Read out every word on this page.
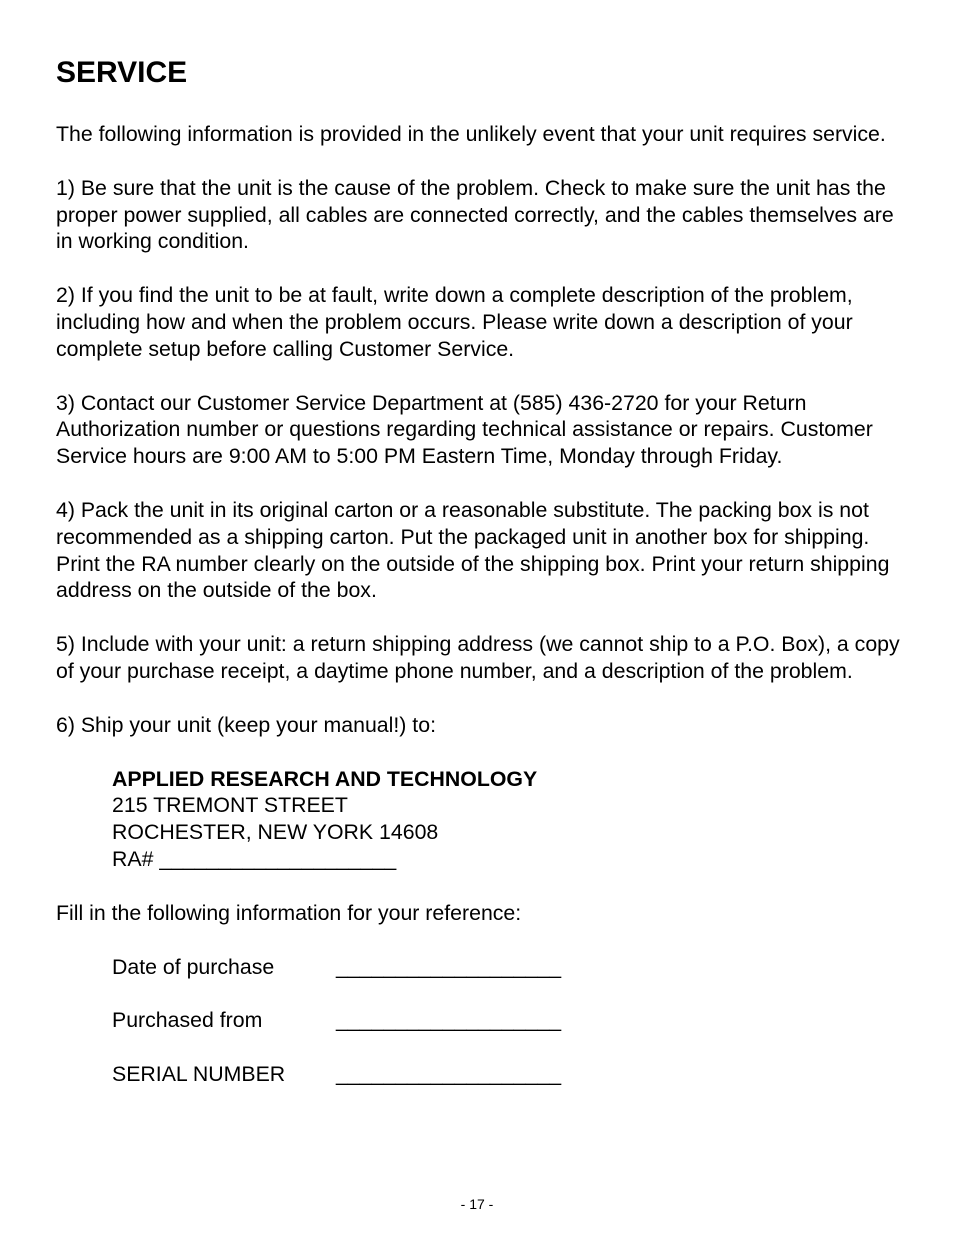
SERVICE

The following information is provided in the unlikely event that your unit requires service.

1) Be sure that the unit is the cause of the problem. Check to make sure the unit has the proper power supplied, all cables are connected correctly, and the cables themselves are in working condition.

2) If you find the unit to be at fault, write down a complete description of the problem, including how and when the problem occurs. Please write down a description of your complete setup before calling Customer Service.

3) Contact our Customer Service Department at (585) 436-2720 for your Return Authorization number or questions regarding technical assistance or repairs. Customer Service hours are 9:00 AM to 5:00 PM Eastern Time, Monday through Friday.

4) Pack the unit in its original carton or a reasonable substitute. The packing box is not recommended as a shipping carton. Put the packaged unit in another box for shipping. Print the RA number clearly on the outside of the shipping box. Print your return shipping address on the outside of the box.

5) Include with your unit: a return shipping address (we cannot ship to a P.O. Box), a copy of your purchase receipt, a daytime phone number, and a description of the problem.

6) Ship your unit (keep your manual!) to:

APPLIED RESEARCH AND TECHNOLOGY
215 TREMONT STREET
ROCHESTER, NEW YORK 14608
RA# ____________________

Fill in the following information for your reference:

Date of purchase	___________________
Purchased from	___________________
SERIAL NUMBER	___________________
- 17 -
